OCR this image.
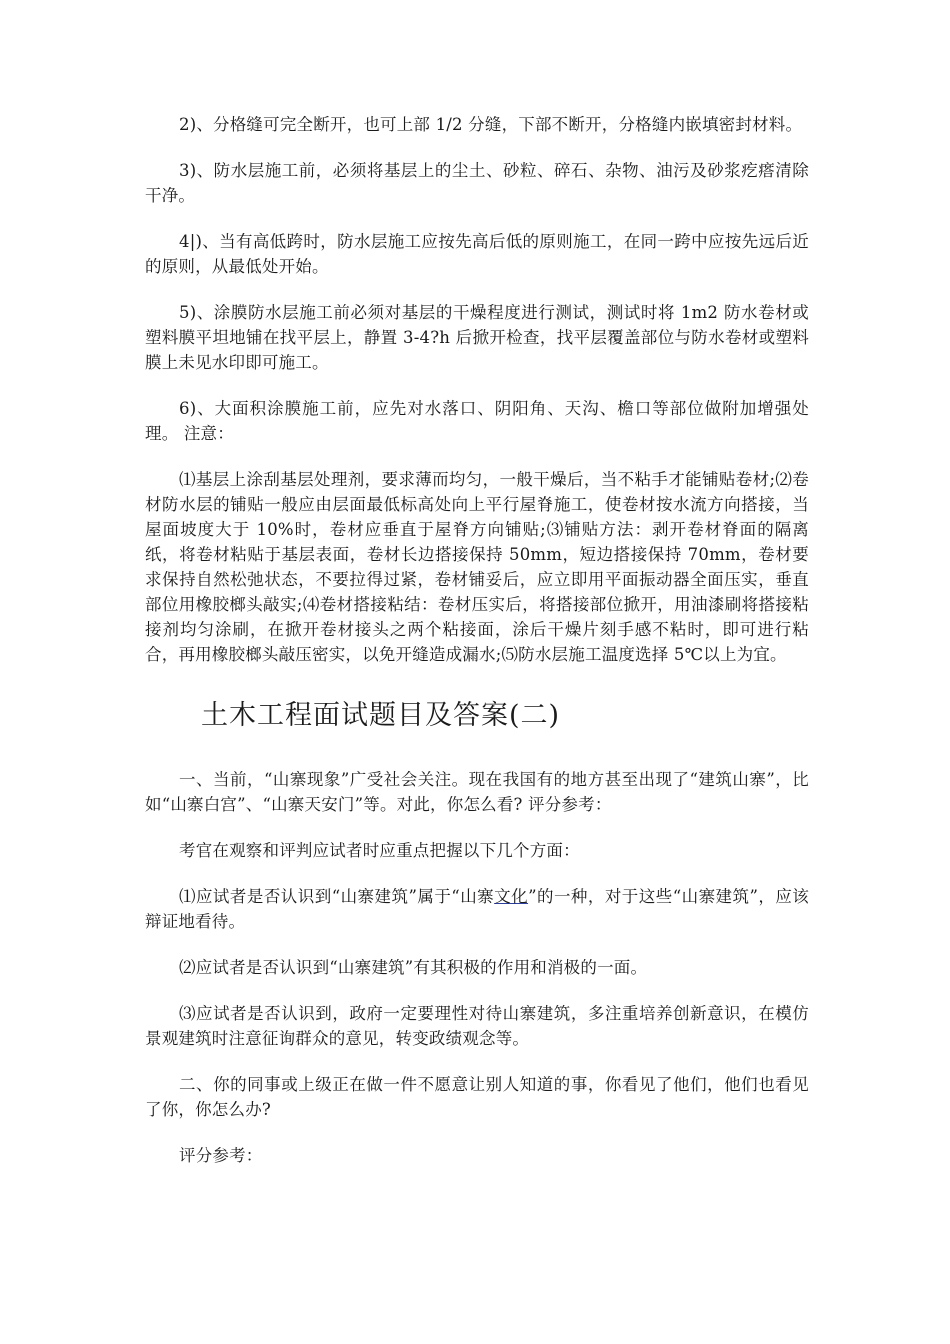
2)、分格缝可完全断开，也可上部 1/2 分缝，下部不断开，分格缝内嵌填密封材料。

3)、防水层施工前，必须将基层上的尘土、砂粒、碎石、杂物、油污及砂浆疙瘩清除干净。

4|)、当有高低跨时，防水层施工应按先高后低的原则施工，在同一跨中应按先远后近的原则，从最低处开始。

5)、涂膜防水层施工前必须对基层的干燥程度进行测试，测试时将 1m2 防水卷材或塑料膜平坦地铺在找平层上，静置 3-4?h 后掀开检查，找平层覆盖部位与防水卷材或塑料膜上未见水印即可施工。

6)、大面积涂膜施工前，应先对水落口、阴阳角、天沟、檐口等部位做附加增强处理。 注意：

⑴基层上涂刮基层处理剂，要求薄而均匀，一般干燥后，当不粘手才能铺贴卷材;⑵卷材防水层的铺贴一般应由层面最低标高处向上平行屋脊施工，使卷材按水流方向搭接，当屋面坡度大于 10%时，卷材应垂直于屋脊方向铺贴;⑶铺贴方法：剥开卷材脊面的隔离纸，将卷材粘贴于基层表面，卷材长边搭接保持 50mm，短边搭接保持 70mm，卷材要求保持自然松弛状态，不要拉得过紧，卷材铺妥后，应立即用平面振动器全面压实，垂直部位用橡胶榔头敲实;⑷卷材搭接粘结：卷材压实后，将搭接部位掀开，用油漆刷将搭接粘接剂均匀涂刷，在掀开卷材接头之两个粘接面，涂后干燥片刻手感不粘时，即可进行粘合，再用橡胶榔头敲压密实，以免开缝造成漏水;⑸防水层施工温度选择 5℃以上为宜。

土木工程面试题目及答案(二)

一、当前，“山寨现象”广受社会关注。现在我国有的地方甚至出现了“建筑山寨”，比如“山寨白宫”、“山寨天安门”等。对此，你怎么看? 评分参考：

考官在观察和评判应试者时应重点把握以下几个方面：

⑴应试者是否认识到“山寨建筑”属于“山寨文化”的一种，对于这些“山寨建筑”，应该辩证地看待。

⑵应试者是否认识到“山寨建筑”有其积极的作用和消极的一面。

⑶应试者是否认识到，政府一定要理性对待山寨建筑，多注重培养创新意识，在模仿景观建筑时注意征询群众的意见，转变政绩观念等。

二、你的同事或上级正在做一件不愿意让别人知道的事，你看见了他们，他们也看见了你，你怎么办?

评分参考：
